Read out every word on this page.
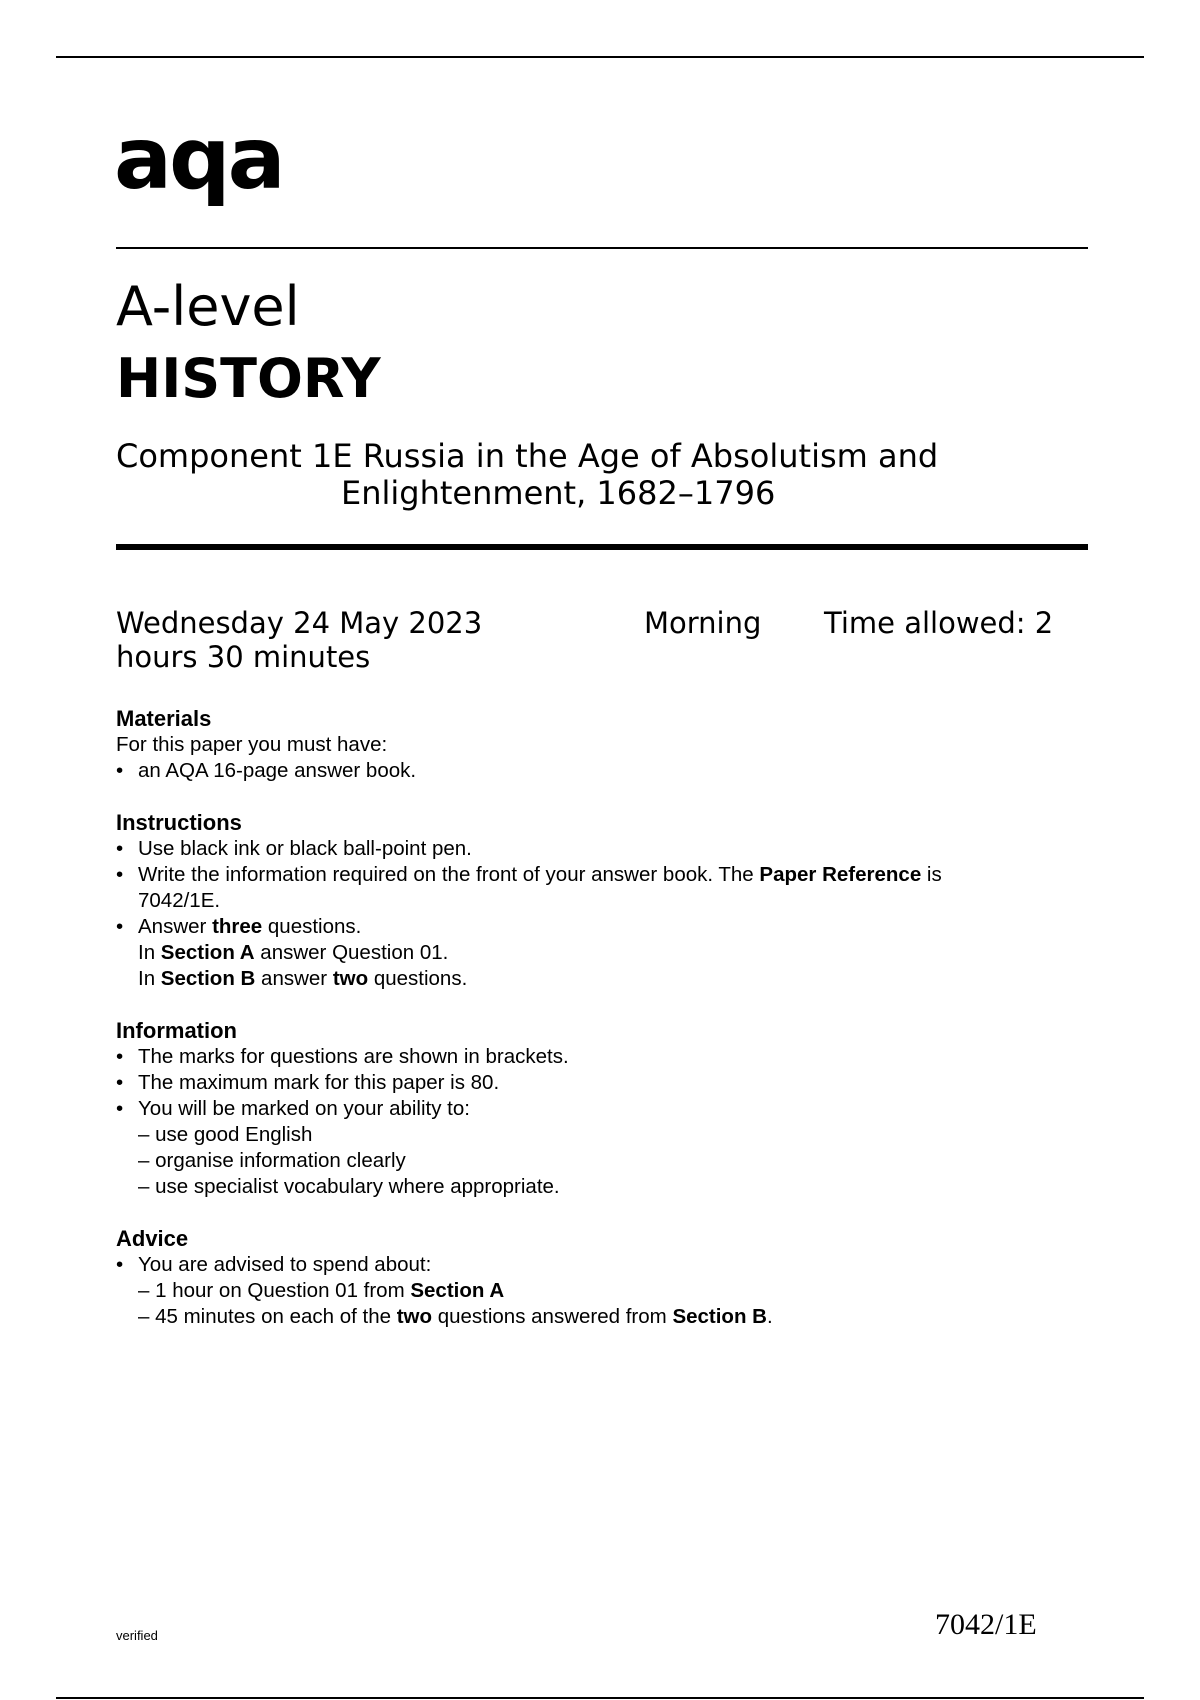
aqa
A-level
HISTORY
Component 1E Russia in the Age of Absolutism and
Enlightenment, 1682–1796
Wednesday 24 May 2023	Morning Time allowed: 2
hours 30 minutes
Materials

For this paper you must have:

• an AQA 16-page answer book.

Instructions

• Use black ink or black ball-point pen.

• Write the information required on the front of your answer book. The Paper Reference is
7042/1E.

• Answer three questions.

In Section A answer Question 01.

In Section B answer two questions.

Information

• The marks for questions are shown in brackets.

• The maximum mark for this paper is 80.

• You will be marked on your ability to:

– use good English

– organise information clearly

– use specialist vocabulary where appropriate.

Advice

• You are advised to spend about:

– 1 hour on Question 01 from Section A

– 45 minutes on each of the two questions answered from Section B.

verified	7042/1E
